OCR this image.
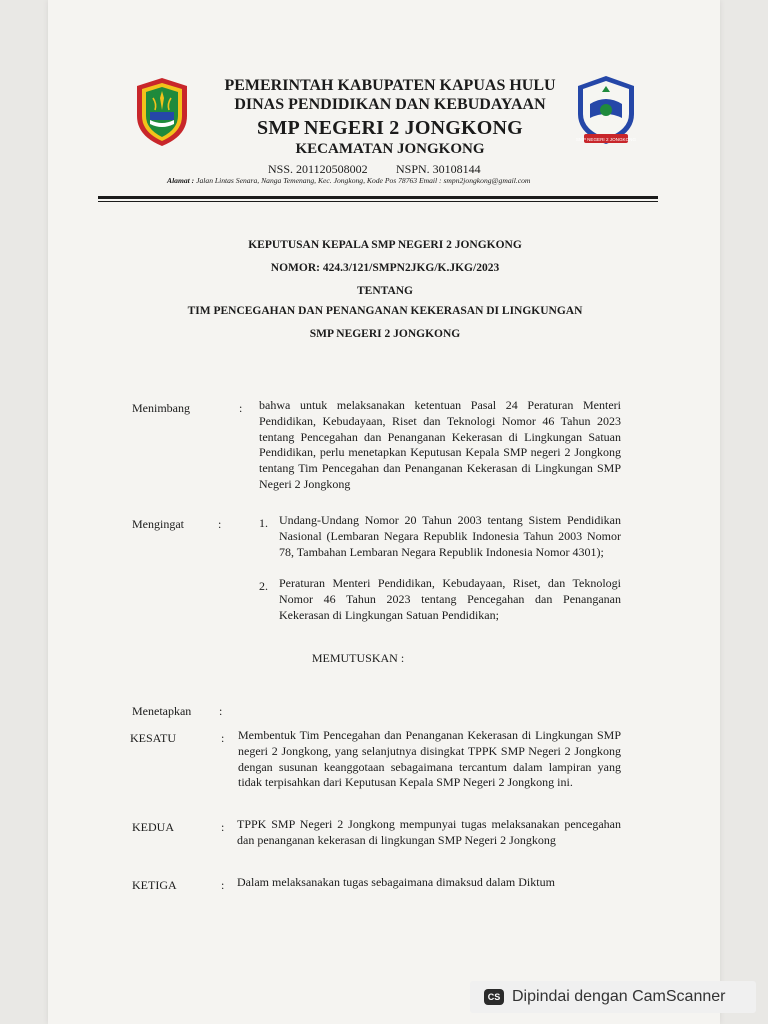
SMP NEGERI 2 JONGKONG
PEMERINTAH KABUPATEN KAPUAS HULU
DINAS PENDIDIKAN DAN KEBUDAYAAN
SMP NEGERI 2 JONGKONG
KECAMATAN JONGKONG
NSS. 201120508002 NSPN. 30108144
Alamat : Jalan Lintas Senara, Nanga Temenang, Kec. Jongkong, Kode Pos 78763 Email : smpn2jongkong@gmail.com
KEPUTUSAN KEPALA SMP NEGERI 2 JONGKONG
NOMOR: 424.3/121/SMPN2JKG/K.JKG/2023
TENTANG
TIM PENCEGAHAN DAN PENANGANAN KEKERASAN DI LINGKUNGAN
SMP NEGERI 2 JONGKONG
Menimbang	: bahwa untuk melaksanakan ketentuan Pasal 24 Peraturan Menteri Pendidikan, Kebudayaan, Riset dan Teknologi Nomor 46 Tahun 2023 tentang Pencegahan dan Penanganan Kekerasan di Lingkungan Satuan Pendidikan, perlu menetapkan Keputusan Kepala SMP negeri 2 Jongkong tentang Tim Pencegahan dan Penanganan Kekerasan di Lingkungan SMP Negeri 2 Jongkong
Mengingat	:	1. Undang-Undang Nomor 20 Tahun 2003 tentang Sistem Pendidikan Nasional (Lembaran Negara Republik Indonesia Tahun 2003 Nomor 78, Tambahan Lembaran Negara Republik Indonesia Nomor 4301);
2. Peraturan Menteri Pendidikan, Kebudayaan, Riset, dan Teknologi Nomor 46 Tahun 2023 tentang Pencegahan dan Penanganan Kekerasan di Lingkungan Satuan Pendidikan;
MEMUTUSKAN :
Menetapkan :
KESATU	: Membentuk Tim Pencegahan dan Penanganan Kekerasan di Lingkungan SMP negeri 2 Jongkong, yang selanjutnya disingkat TPPK SMP Negeri 2 Jongkong dengan susunan keanggotaan sebagaimana tercantum dalam lampiran yang tidak terpisahkan dari Keputusan Kepala SMP Negeri 2 Jongkong ini.
KEDUA	: TPPK SMP Negeri 2 Jongkong mempunyai tugas melaksanakan pencegahan dan penanganan kekerasan di lingkungan SMP Negeri 2 Jongkong
KETIGA	: Dalam melaksanakan tugas sebagaimana dimaksud dalam Diktum
CS Dipindai dengan CamScanner
